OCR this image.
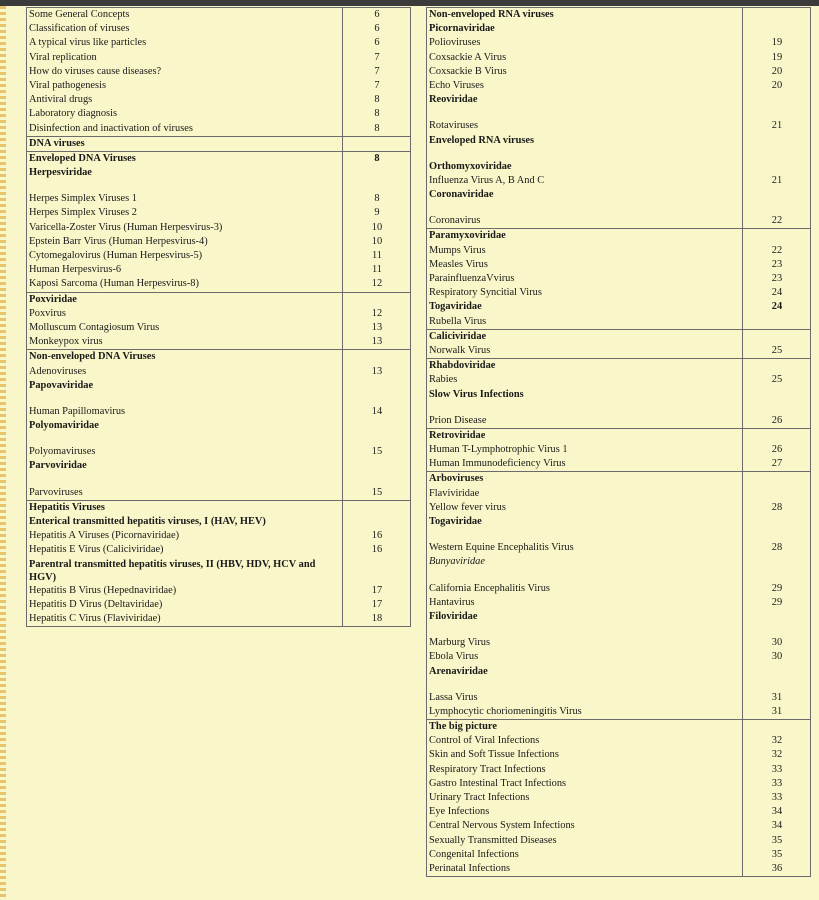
Some General Concepts	6
Classification of viruses	6
A typical virus like particles	6
Viral replication	7
How do viruses cause diseases?	7
Viral pathogenesis	7
Antiviral drugs	8
Laboratory diagnosis	8
Disinfection and inactivation of viruses	8
DNA viruses
Enveloped DNA Viruses	8
Herpesviridae
Herpes Simplex Viruses 1	8
Herpes Simplex Viruses 2	9
Varicella-Zoster Virus (Human Herpesvirus-3)	10
Epstein Barr Virus (Human Herpesvirus-4)	10
Cytomegalovirus (Human Herpesvirus-5)	11
Human Herpesvirus-6	11
Kaposi Sarcoma (Human Herpesvirus-8)	12
Poxviridae
Poxvirus	12
Molluscum Contagiosum Virus	13
Monkeypox virus	13
Non-enveloped DNA Viruses
Adenoviruses	13
Papovaviridae
Human Papillomavirus	14
Polyomaviridae
Polyomaviruses	15
Parvoviridae
Parvoviruses	15
Hepatitis Viruses
Enterical transmitted hepatitis viruses, I (HAV, HEV)
Hepatitis A Viruses (Picornaviridae)	16
Hepatitis E Virus (Caliciviridae)	16
Parentral transmitted hepatitis viruses, II (HBV, HDV, HCV and HGV)
Hepatitis B Virus (Hepednaviridae)	17
Hepatitis D Virus (Deltaviridae)	17
Hepatitis C Virus (Flaviviridae)	18
Non-enveloped RNA viruses
Picornaviridae
Polioviruses	19
Coxsackie A Virus	19
Coxsackie B Virus	20
Echo Viruses	20
Reoviridae
Rotaviruses	21
Enveloped RNA viruses
Orthomyxoviridae
Influenza Virus A, B And C	21
Coronaviridae
Coronavirus	22
Paramyxoviridae
Mumps Virus	22
Measles Virus	23
ParainfluenzaVvirus	23
Respiratory Syncitial Virus	24
Togaviridae	24
Rubella Virus
Caliciviridae
Norwalk Virus	25
Rhabdoviridae
Rabies	25
Slow Virus Infections
Prion Disease	26
Retroviridae
Human T-Lymphotrophic Virus 1	26
Human Immunodeficiency Virus	27
Arboviruses
Flaviviridae
Yellow fever virus	28
Togaviridae
Western Equine Encephalitis Virus	28
Bunyaviridae
California Encephalitis Virus	29
Hantavirus	29
Filoviridae
Marburg Virus	30
Ebola Virus	30
Arenaviridae
Lassa Virus	31
Lymphocytic choriomeningitis Virus	31
The big picture
Control of Viral Infections	32
Skin and Soft Tissue Infections	32
Respiratory Tract Infections	33
Gastro Intestinal Tract Infections	33
Urinary Tract Infections	33
Eye Infections	34
Central Nervous System Infections	34
Sexually Transmitted Diseases	35
Congenital Infections	35
Perinatal Infections	36
